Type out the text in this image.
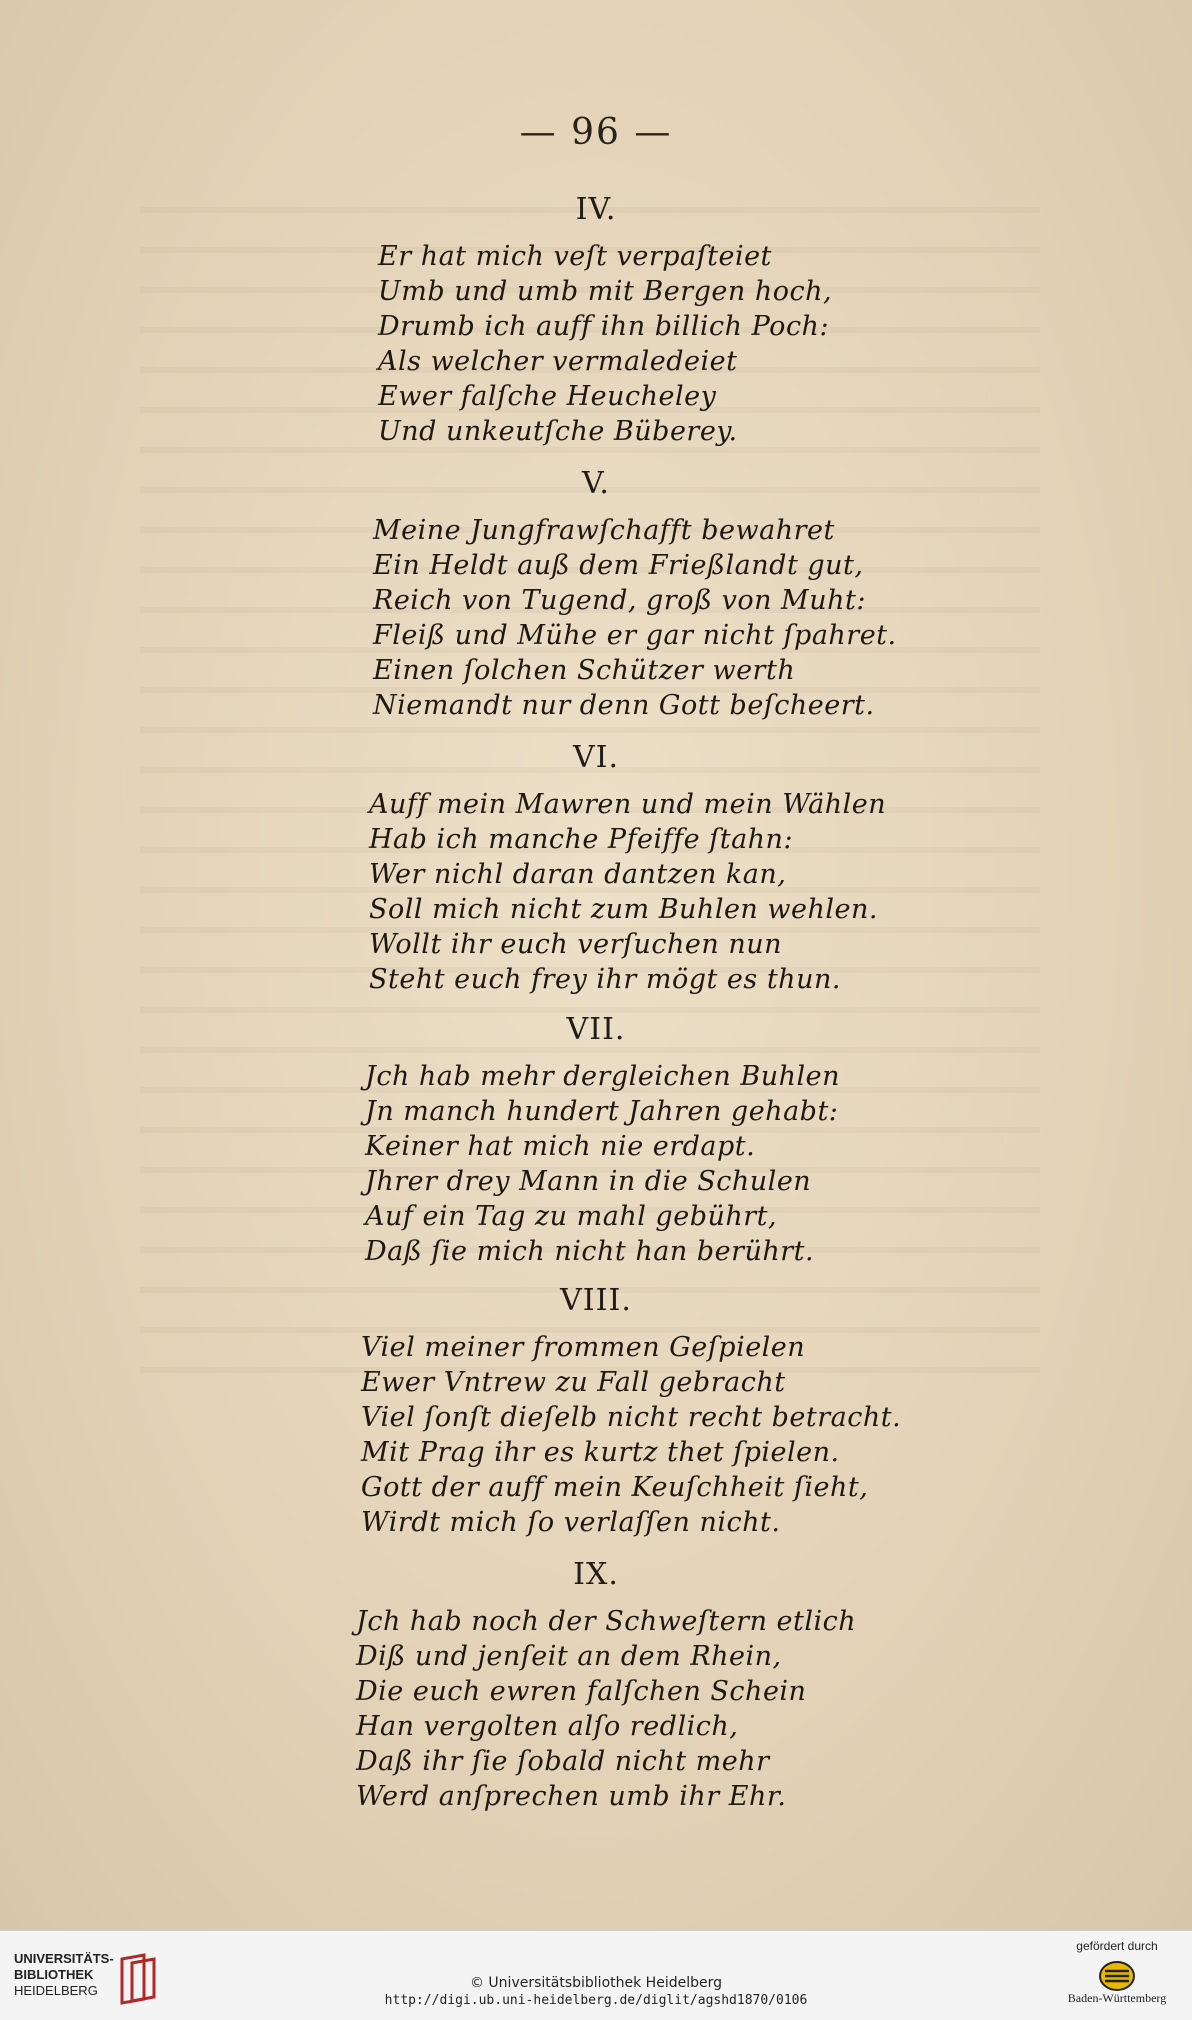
— 96 —
IV.
Er hat mich veſt verpaſteiet
Umb und umb mit Bergen hoch,
Drumb ich auff ihn billich Poch:
Als welcher vermaledeiet
Ewer falſche Heucheley
Und unkeutſche Büberey.
V.
Meine Jungfrawſchafft bewahret
Ein Heldt auß dem Frießlandt gut,
Reich von Tugend, groß von Muht:
Fleiß und Mühe er gar nicht ſpahret.
Einen ſolchen Schützer werth
Niemandt nur denn Gott beſcheert.
VI.
Auff mein Mawren und mein Wählen
Hab ich manche Pfeiffe ſtahn:
Wer nichl daran dantzen kan,
Soll mich nicht zum Buhlen wehlen.
Wollt ihr euch verſuchen nun
Steht euch frey ihr mögt es thun.
VII.
Jch hab mehr dergleichen Buhlen
Jn manch hundert Jahren gehabt:
Keiner hat mich nie erdapt.
Jhrer drey Mann in die Schulen
Auf ein Tag zu mahl gebührt,
Daß ſie mich nicht han berührt.
VIII.
Viel meiner frommen Geſpielen
Ewer Vntrew zu Fall gebracht
Viel ſonſt dieſelb nicht recht betracht.
Mit Prag ihr es kurtz thet ſpielen.
Gott der auff mein Keuſchheit ſieht,
Wirdt mich ſo verlaſſen nicht.
IX.
Jch hab noch der Schweſtern etlich
Diß und jenſeit an dem Rhein,
Die euch ewren falſchen Schein
Han vergolten alſo redlich,
Daß ihr ſie ſobald nicht mehr
Werd anſprechen umb ihr Ehr.
UNIVERSITÄTS-
BIBLIOTHEK
HEIDELBERG	© Universitätsbibliothek Heidelberg
http://digi.ub.uni-heidelberg.de/diglit/agshd1870/0106
gefördert durch
Baden-Württemberg
